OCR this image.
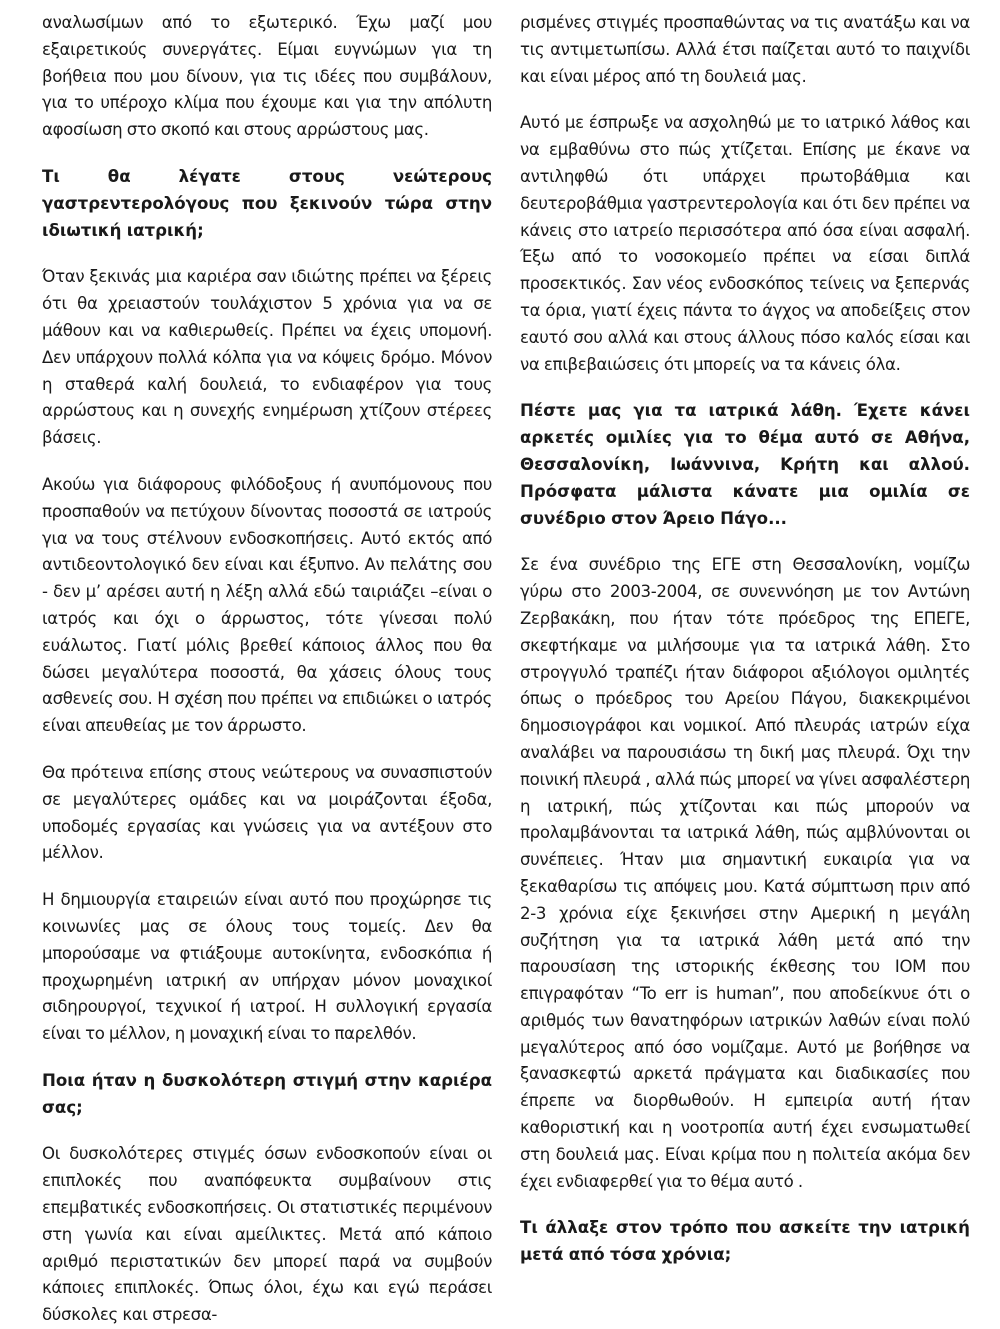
αναλωσίμων από το εξωτερικό. Έχω μαζί μου εξαιρετικούς συνεργάτες. Είμαι ευγνώμων για τη βοήθεια που μου δίνουν, για τις ιδέες που συμβάλουν, για το υπέροχο κλίμα που έχουμε και για την απόλυτη αφοσίωση στο σκοπό και στους αρρώστους μας.

Τι θα λέγατε στους νεώτερους γαστρεντερολόγους που ξεκινούν τώρα στην ιδιωτική ιατρική;

Όταν ξεκινάς μια καριέρα σαν ιδιώτης πρέπει να ξέρεις ότι θα χρειαστούν τουλάχιστον 5 χρόνια για να σε μάθουν και να καθιερωθείς. Πρέπει να έχεις υπομονή. Δεν υπάρχουν πολλά κόλπα για να κόψεις δρόμο. Μόνον η σταθερά καλή δουλειά, το ενδιαφέρον για τους αρρώστους και η συνεχής ενημέρωση χτίζουν στέρεες βάσεις.

Ακούω για διάφορους φιλόδοξους ή ανυπόμονους που προσπαθούν να πετύχουν δίνοντας ποσοστά σε ιατρούς για να τους στέλνουν ενδοσκοπήσεις. Αυτό εκτός από αντιδεοντολογικό δεν είναι και έξυπνο. Αν πελάτης σου - δεν μ’ αρέσει αυτή η λέξη αλλά εδώ ταιριάζει –είναι ο ιατρός και όχι ο άρρωστος, τότε γίνεσαι πολύ ευάλωτος. Γιατί μόλις βρεθεί κάποιος άλλος που θα δώσει μεγαλύτερα ποσοστά, θα χάσεις όλους τους ασθενείς σου. Η σχέση που πρέπει να επιδιώκει ο ιατρός είναι απευθείας με τον άρρωστο.

Θα πρότεινα επίσης στους νεώτερους να συνασπιστούν σε μεγαλύτερες ομάδες και να μοιράζονται έξοδα, υποδομές εργασίας και γνώσεις για να αντέξουν στο μέλλον.

Η δημιουργία εταιρειών είναι αυτό που προχώρησε τις κοινωνίες μας σε όλους τους τομείς. Δεν θα μπορούσαμε να φτιάξουμε αυτοκίνητα, ενδοσκόπια ή προχωρημένη ιατρική αν υπήρχαν μόνον μοναχικοί σιδηρουργοί, τεχνικοί ή ιατροί. Η συλλογική εργασία είναι το μέλλον, η μοναχική είναι το παρελθόν.

Ποια ήταν η δυσκολότερη στιγμή στην καριέρα σας;

Οι δυσκολότερες στιγμές όσων ενδοσκοπούν είναι οι επιπλοκές που αναπόφευκτα συμβαίνουν στις επεμβατικές ενδοσκοπήσεις. Οι στατιστικές περιμένουν στη γωνία και είναι αμείλικτες. Μετά από κάποιο αριθμό περιστατικών δεν μπορεί παρά να συμβούν κάποιες επιπλοκές. Όπως όλοι, έχω και εγώ περάσει δύσκολες και στρεσα-

ρισμένες στιγμές προσπαθώντας να τις ανατάξω και να τις αντιμετωπίσω. Αλλά έτσι παίζεται αυτό το παιχνίδι και είναι μέρος από τη δουλειά μας.

Αυτό με έσπρωξε να ασχοληθώ με το ιατρικό λάθος και να εμβαθύνω στο πώς χτίζεται. Επίσης με έκανε να αντιληφθώ ότι υπάρχει πρωτοβάθμια και δευτεροβάθμια γαστρεντερολογία και ότι δεν πρέπει να κάνεις στο ιατρείο περισσότερα από όσα είναι ασφαλή. Έξω από το νοσοκομείο πρέπει να είσαι διπλά προσεκτικός. Σαν νέος ενδοσκόπος τείνεις να ξεπερνάς τα όρια, γιατί έχεις πάντα το άγχος να αποδείξεις στον εαυτό σου αλλά και στους άλλους πόσο καλός είσαι και να επιβεβαιώσεις ότι μπορείς να τα κάνεις όλα.

Πέστε μας για τα ιατρικά λάθη. Έχετε κάνει αρκετές ομιλίες για το θέμα αυτό σε Αθήνα, Θεσσαλονίκη, Ιωάννινα, Κρήτη και αλλού. Πρόσφατα μάλιστα κάνατε μια ομιλία σε συνέδριο στον Άρειο Πάγο...

Σε ένα συνέδριο της ΕΓΕ στη Θεσσαλονίκη, νομίζω γύρω στο 2003-2004, σε συνεννόηση με τον Αντώνη Ζερβακάκη, που ήταν τότε πρόεδρος της ΕΠΕΓΕ, σκεφτήκαμε να μιλήσουμε για τα ιατρικά λάθη. Στο στρογγυλό τραπέζι ήταν διάφοροι αξιόλογοι ομιλητές όπως ο πρόεδρος του Αρείου Πάγου, διακεκριμένοι δημοσιογράφοι και νομικοί. Από πλευράς ιατρών είχα αναλάβει να παρουσιάσω τη δική μας πλευρά. Όχι την ποινική πλευρά , αλλά πώς μπορεί να γίνει ασφαλέστερη η ιατρική, πώς χτίζονται και πώς μπορούν να προλαμβάνονται τα ιατρικά λάθη, πώς αμβλύνονται οι συνέπειες. Ήταν μια σημαντική ευκαιρία για να ξεκαθαρίσω τις απόψεις μου. Κατά σύμπτωση πριν από 2-3 χρόνια είχε ξεκινήσει στην Αμερική η μεγάλη συζήτηση για τα ιατρικά λάθη μετά από την παρουσίαση της ιστορικής έκθεσης του IOM που επιγραφόταν “To err is human”, που αποδείκνυε ότι ο αριθμός των θανατηφόρων ιατρικών λαθών είναι πολύ μεγαλύτερος από όσο νομίζαμε. Αυτό με βοήθησε να ξανασκεφτώ αρκετά πράγματα και διαδικασίες που έπρεπε να διορθωθούν. Η εμπειρία αυτή ήταν καθοριστική και η νοοτροπία αυτή έχει ενσωματωθεί στη δουλειά μας. Είναι κρίμα που η πολιτεία ακόμα δεν έχει ενδιαφερθεί για το θέμα αυτό .

Τι άλλαξε στον τρόπο που ασκείτε την ιατρική μετά από τόσα χρόνια;
